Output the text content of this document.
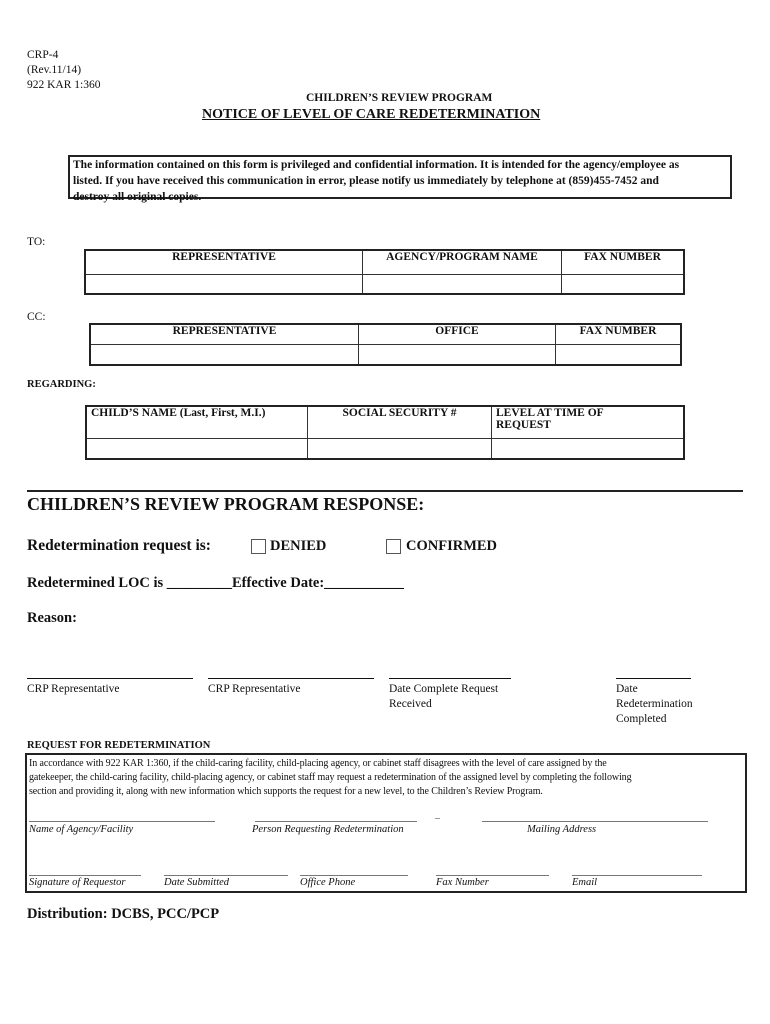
CRP-4
(Rev.11/14)
922 KAR 1:360
CHILDREN’S REVIEW PROGRAM
NOTICE OF LEVEL OF CARE REDETERMINATION
The information contained on this form is privileged and confidential information. It is intended for the agency/employee as
listed. If you have received this communication in error, please notify us immediately by telephone at (859)455-7452 and
destroy all original copies.
TO:
REPRESENTATIVE	AGENCY/PROGRAM NAME	FAX NUMBER

CC:
REPRESENTATIVE	OFFICE	FAX NUMBER

REGARDING:
CHILD’S NAME (Last, First, M.I.)	SOCIAL SECURITY #	LEVEL AT TIME OF
REQUEST

CHILDREN’S REVIEW PROGRAM RESPONSE:
Redetermination request is:	DENIED	CONFIRMED
Redetermined LOC is _________Effective Date:___________
Reason:
CRP Representative	CRP Representative	Date Complete Request
Received
Date
Redetermination
Completed
REQUEST FOR REDETERMINATION
In accordance with 922 KAR 1:360, if the child-caring facility, child-placing agency, or cabinet staff disagrees with the level of care assigned by the
gatekeeper, the child-caring facility, child-placing agency, or cabinet staff may request a redetermination of the assigned level by completing the following
section and providing it, along with new information which supports the request for a new level, to the Children’s Review Program.
_
Name of Agency/Facility	Person Requesting Redetermination	Mailing Address
Signature of Requestor	Date Submitted	Office Phone	Fax Number	Email
Distribution: DCBS, PCC/PCP
